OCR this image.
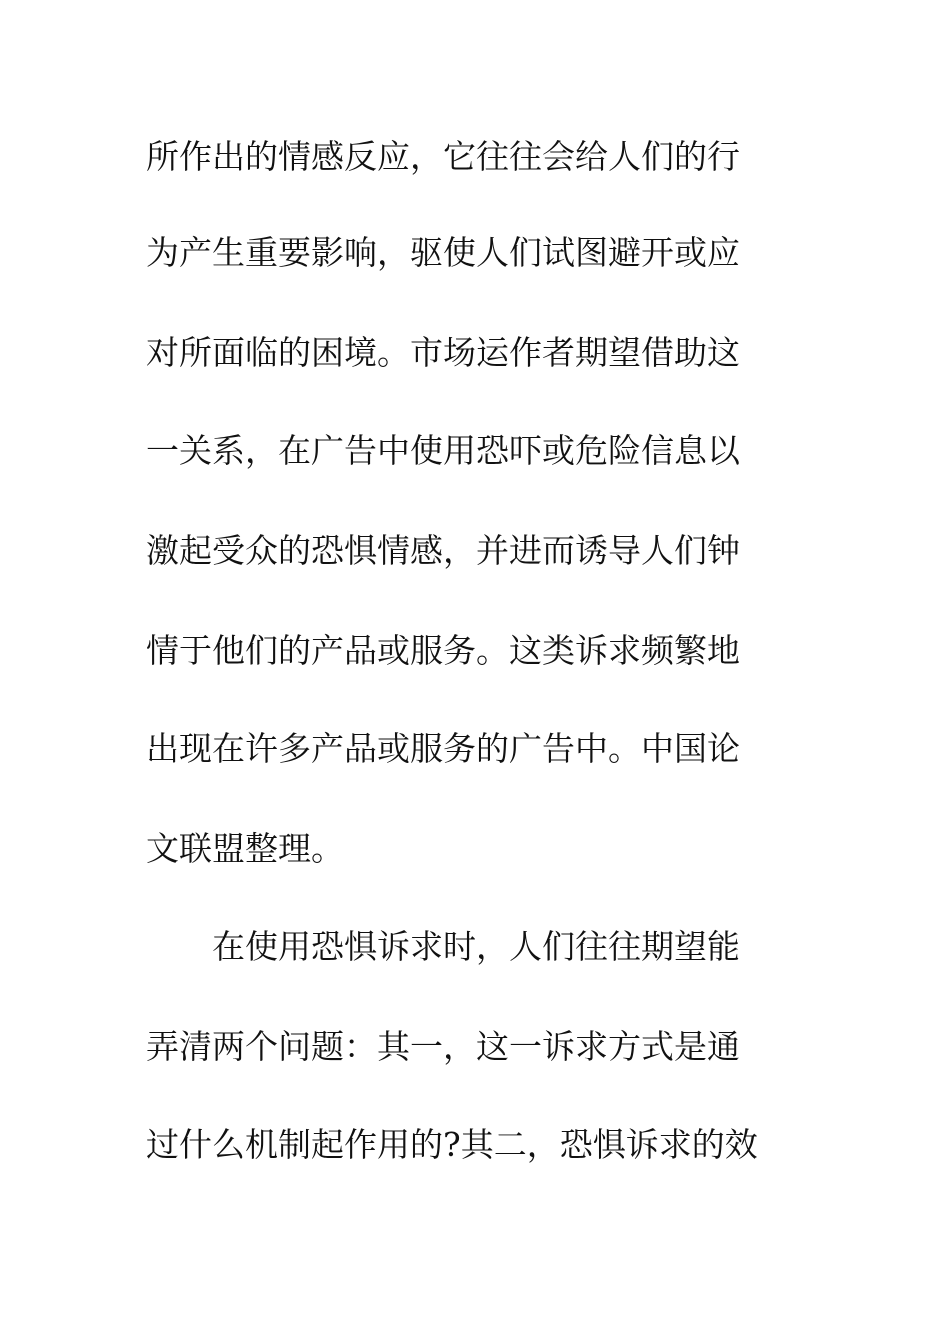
所作出的情感反应，它往往会给人们的行
为产生重要影响，驱使人们试图避开或应
对所面临的困境。市场运作者期望借助这
一关系，在广告中使用恐吓或危险信息以
激起受众的恐惧情感，并进而诱导人们钟
情于他们的产品或服务。这类诉求频繁地
出现在许多产品或服务的广告中。中国论
文联盟整理。
在使用恐惧诉求时，人们往往期望能
弄清两个问题：其一，这一诉求方式是通
过什么机制起作用的?其二，恐惧诉求的效
